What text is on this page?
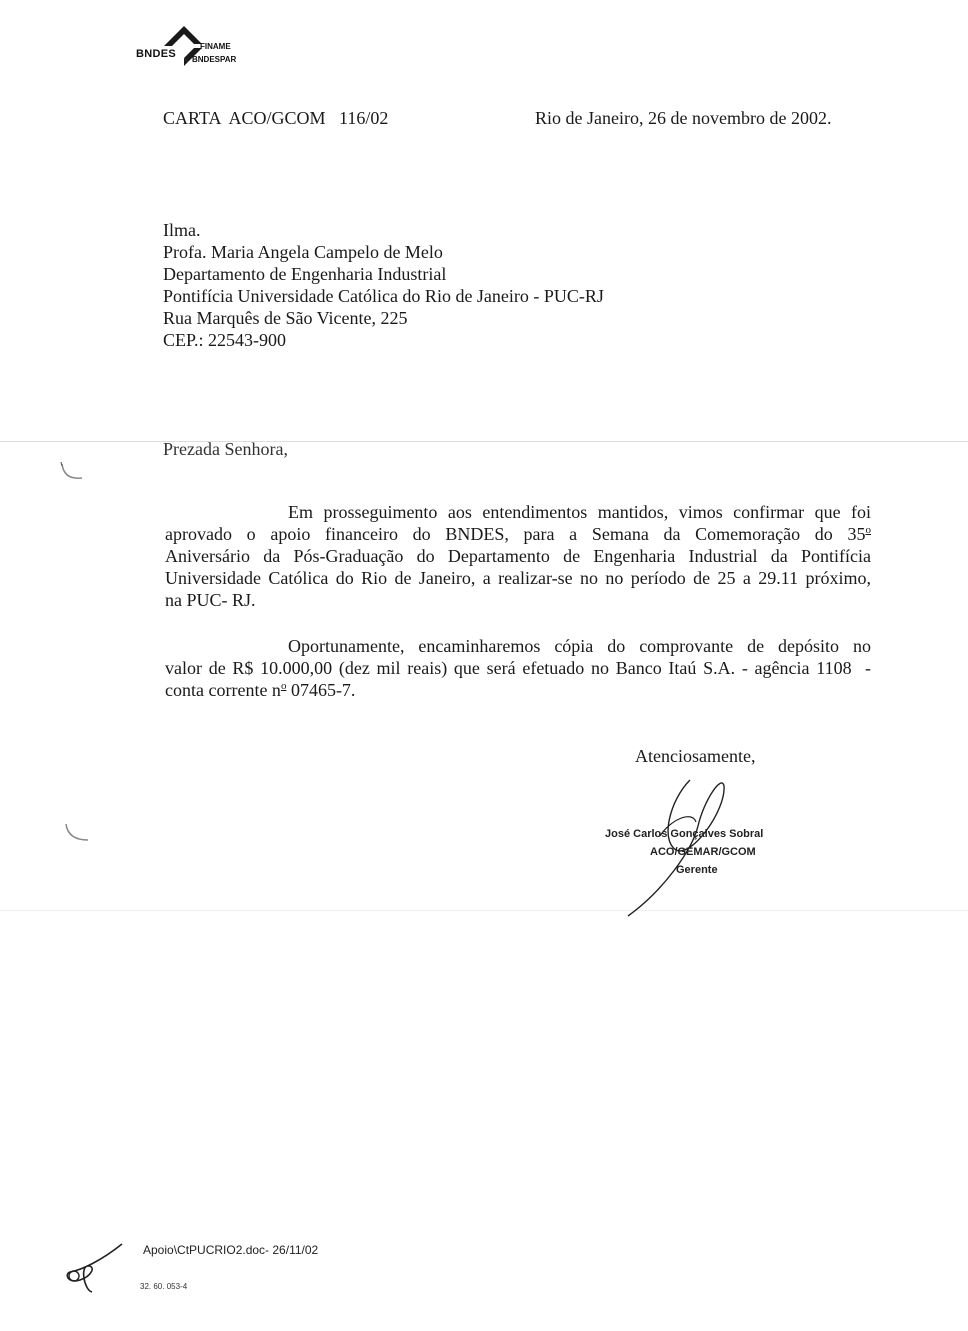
BNDES
FINAME
BNDESPAR
CARTA  ACO/GCOM   116/02	Rio de Janeiro, 26 de novembro de 2002.
Ilma.
Profa. Maria Angela Campelo de Melo
Departamento de Engenharia Industrial
Pontifícia Universidade Católica do Rio de Janeiro - PUC-RJ
Rua Marquês de São Vicente, 225
CEP.: 22543-900
Prezada Senhora,
Em prosseguimento aos entendimentos mantidos, vimos confirmar que foi
aprovado o apoio financeiro do BNDES, para a Semana da Comemoração do 35$^o$
Aniversário da Pós-Graduação do Departamento de Engenharia Industrial da Pontifícia
Universidade Católica do Rio de Janeiro, a realizar-se no no período de 25 a 29.11 próximo,
na PUC- RJ.
Oportunamente, encaminharemos cópia do comprovante de depósito no
valor de R$ 10.000,00 (dez mil reais) que será efetuado no Banco Itaú S.A. - agência 1108  -
conta corrente $n^o$ 07465-7.
Atenciosamente,
José Carlos Gonçalves Sobral
ACO/GEMAR/GCOM
Gerente
Apoio\CtPUCRIO2.doc- 26/11/02
32. 60. 053-4
